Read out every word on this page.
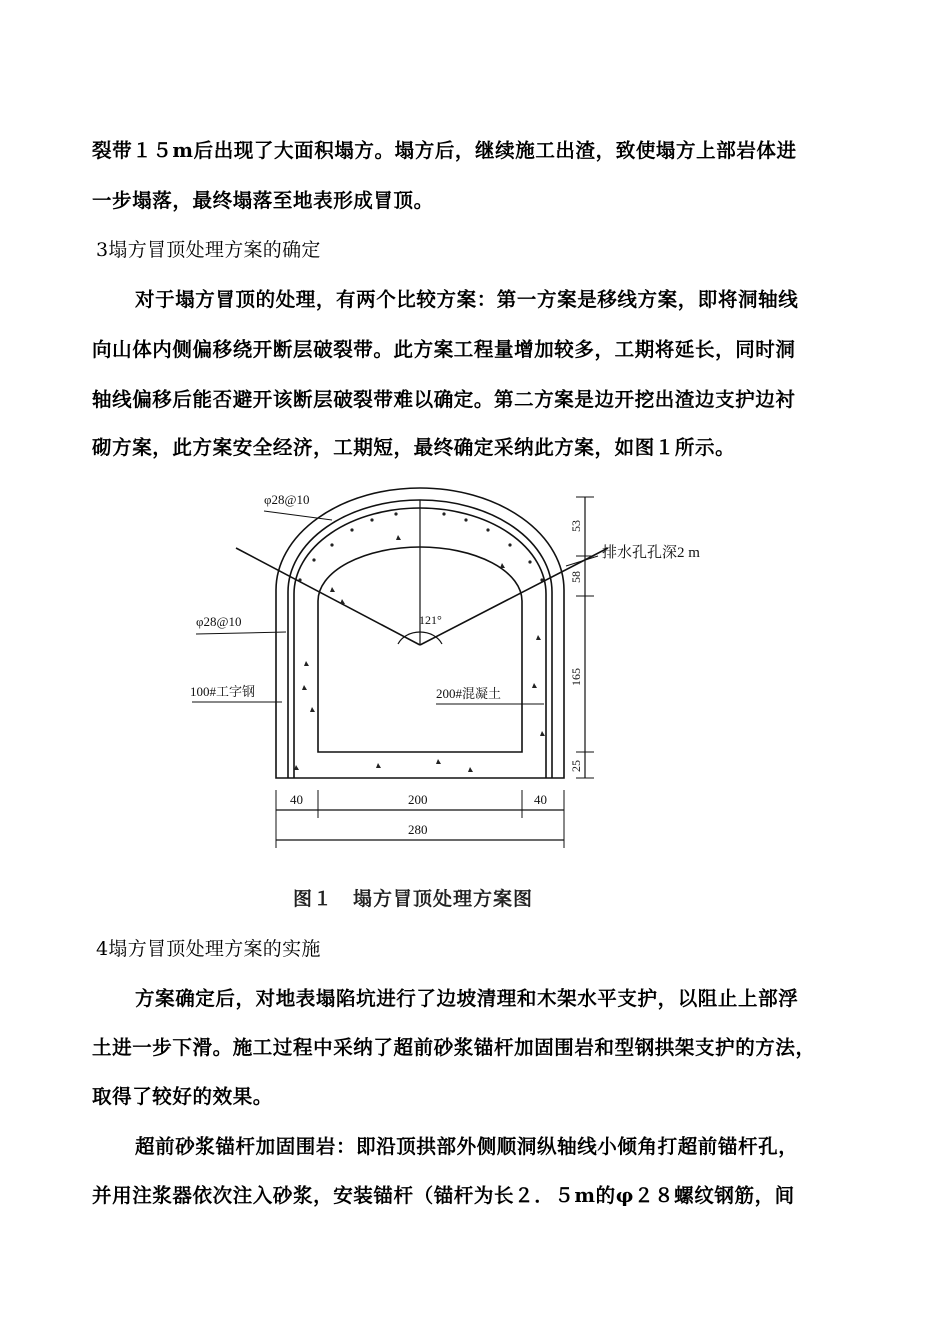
裂带１５m后出现了大面积塌方。塌方后，继续施工出渣，致使塌方上部岩体进
一步塌落，最终塌落至地表形成冒顶。
3塌方冒顶处理方案的确定
对于塌方冒顶的处理，有两个比较方案：第一方案是移线方案，即将洞轴线
向山体内侧偏移绕开断层破裂带。此方案工程量增加较多，工期将延长，同时洞
轴线偏移后能否避开该断层破裂带难以确定。第二方案是边开挖出渣边支护边衬
砌方案，此方案安全经济，工期短，最终确定采纳此方案，如图１所示。
φ28@10
φ28@10
100#工字钢	200#混凝土
排水孔孔深2 m
121°
40	200	40
280
53
58
165
25
图１　塌方冒顶处理方案图
4塌方冒顶处理方案的实施
方案确定后，对地表塌陷坑进行了边坡清理和木架水平支护，以阻止上部浮
土进一步下滑。施工过程中采纳了超前砂浆锚杆加固围岩和型钢拱架支护的方法，
取得了较好的效果。
超前砂浆锚杆加固围岩：即沿顶拱部外侧顺洞纵轴线小倾角打超前锚杆孔，
并用注浆器依次注入砂浆，安装锚杆（锚杆为长２．５m的φ２８螺纹钢筋，间
